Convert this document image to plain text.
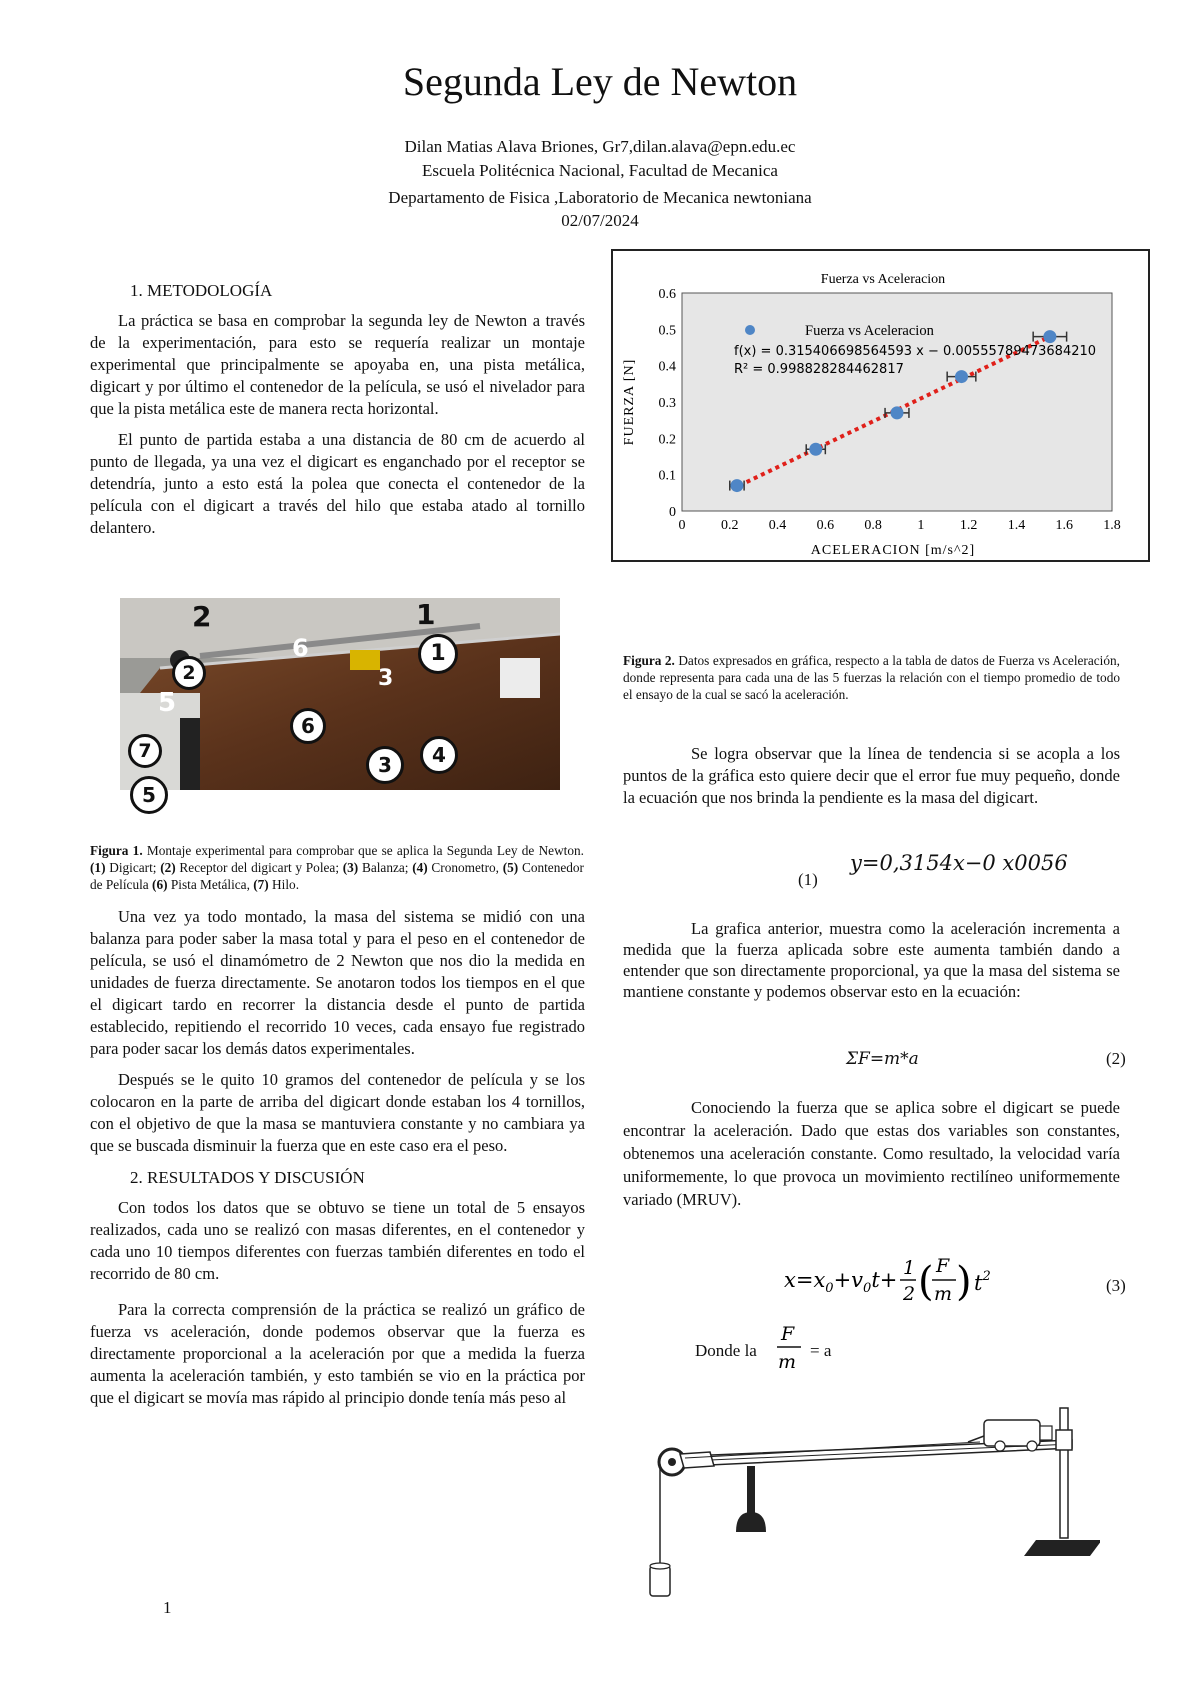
Segunda Ley de Newton
Dilan Matias Alava Briones, Gr7,dilan.alava@epn.edu.ec
Escuela Politécnica Nacional, Facultad de Mecanica
Departamento de Fisica ,Laboratorio de Mecanica newtoniana
02/07/2024
1. METODOLOGÍA

La práctica se basa en comprobar la segunda ley de Newton a través de la experimentación, para esto se requería realizar un montaje experimental que principalmente se apoyaba en, una pista metálica, digicart y por último el contenedor de la película, se usó el nivelador para que la pista metálica este de manera recta horizontal.

El punto de partida estaba a una distancia de 80 cm de acuerdo al punto de llegada, ya una vez el digicart es enganchado por el receptor se detendría, junto a esto está la polea que conecta el contenedor de la película con el digicart a través del hilo que estaba atado al tornillo delantero.

1
2
6
3
5
1
2
6
7	4
3
5
Figura 1. Montaje experimental para comprobar que se aplica la Segunda Ley de Newton. (1) Digicart; (2) Receptor del digicart y Polea; (3) Balanza; (4) Cronometro, (5) Contenedor de Película (6) Pista Metálica, (7) Hilo.

Una vez ya todo montado, la masa del sistema se midió con una balanza para poder saber la masa total y para el peso en el contenedor de película, se usó el dinamómetro de 2 Newton que nos dio la medida en unidades de fuerza directamente. Se anotaron todos los tiempos en el que el digicart tardo en recorrer la distancia desde el punto de partida establecido, repitiendo el recorrido 10 veces, cada ensayo fue registrado para poder sacar los demás datos experimentales.

Después se le quito 10 gramos del contenedor de película y se los colocaron en la parte de arriba del digicart donde estaban los 4 tornillos, con el objetivo de que la masa se mantuviera constante y no cambiara ya que se buscada disminuir la fuerza que en este caso era el peso.

2. RESULTADOS Y DISCUSIÓN

Con todos los datos que se obtuvo se tiene un total de 5 ensayos realizados, cada uno se realizó con masas diferentes, en el contenedor y cada uno 10 tiempos diferentes con fuerzas también diferentes en todo el recorrido de 80 cm.

Para la correcta comprensión de la práctica se realizó un gráfico de fuerza vs aceleración, donde podemos observar que la fuerza es directamente proporcional a la aceleración por que a medida la fuerza aumenta la aceleración también, y esto también se vio en la práctica por que el digicart se movía mas rápido al principio donde tenía más peso al

Fuerza vs Aceleracion
0
0.1
0.2
0.3
0.4
0.5
0.6
0	0.2 0.4 0.6 0.8	1	1.2 1.4 1.6 1.8
Fuerza vs Aceleracion
f(x) = 0.315406698564593 x − 0.00555789473684210
R² = 0.998828284462817
ACELERACION [m/s^2]
FUERZA [N]
Figura 2. Datos expresados en gráfica, respecto a la tabla de datos de Fuerza vs Aceleración, donde representa para cada una de las 5 fuerzas la relación con el tiempo promedio de todo el ensayo de la cual se sacó la aceleración.

Se logra observar que la línea de tendencia si se acopla a los puntos de la gráfica esto quiere decir que el error fue muy pequeño, donde la ecuación que nos brinda la pendiente es la masa del digicart.

(1)
y=0,3154x−0 x0056

La grafica anterior, muestra como la aceleración incrementa a medida que la fuerza aplicada sobre este aumenta también dando a entender que son directamente proporcional, ya que la masa del sistema se mantiene constante y podemos observar esto en la ecuación:

ΣF=m*a	(2)

Conociendo la fuerza que se aplica sobre el digicart se puede encontrar la aceleración. Dado que estas dos variables son constantes, obtenemos una aceleración constante. Como resultado, la velocidad varía uniformemente, lo que provoca un movimiento rectilíneo uniformemente variado (MRUV).

$x=x_0+v_0t+ 1$
2 ( F
m ) $t^2$	(3)
Donde la
F
m
= a
1
